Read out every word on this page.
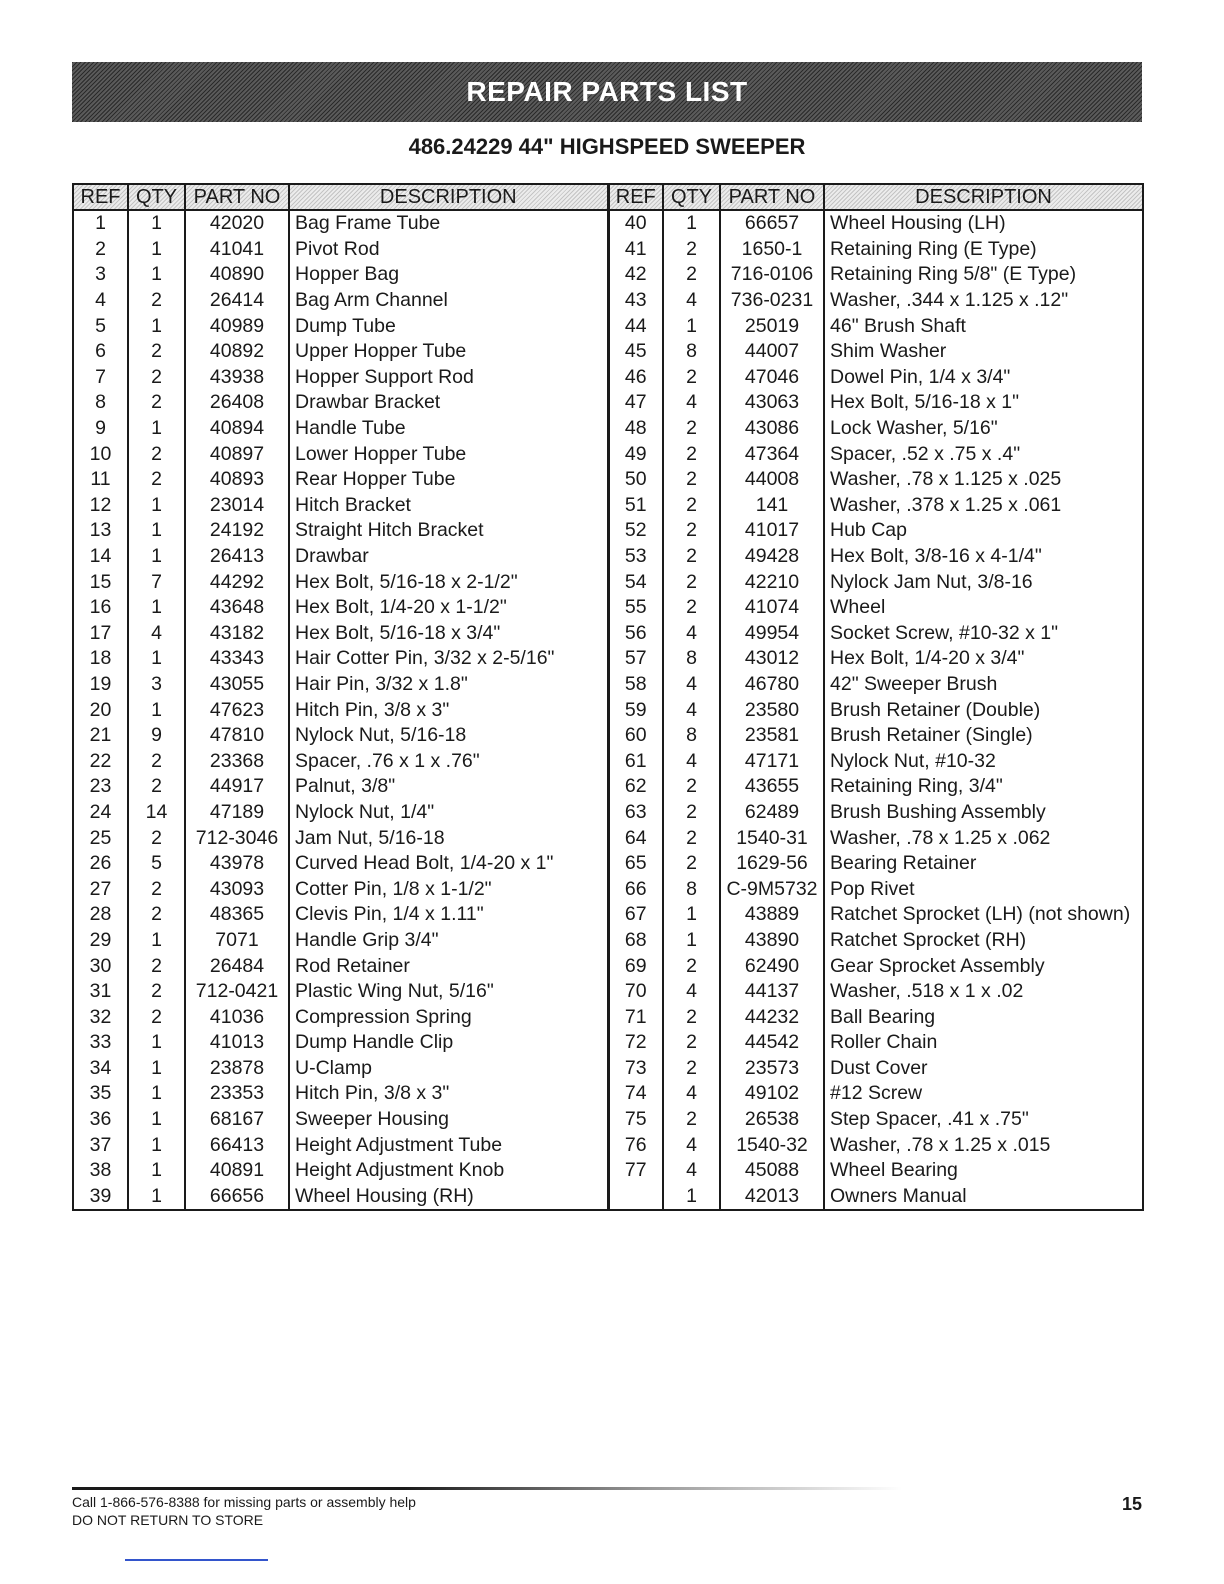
REPAIR PARTS LIST
486.24229 44" HIGHSPEED SWEEPER
REF	QTY	PART NO	DESCRIPTION	REF	QTY	PART NO	DESCRIPTION
1	1	42020	Bag Frame Tube	40	1	66657	Wheel Housing (LH)
2	1	41041	Pivot Rod	41	2	1650-1	Retaining Ring (E Type)
3	1	40890	Hopper Bag	42	2	716-0106	Retaining Ring 5/8" (E Type)
4	2	26414	Bag Arm Channel	43	4	736-0231	Washer, .344 x 1.125 x .12"
5	1	40989	Dump Tube	44	1	25019	46" Brush Shaft
6	2	40892	Upper Hopper Tube	45	8	44007	Shim Washer
7	2	43938	Hopper Support Rod	46	2	47046	Dowel Pin, 1/4 x 3/4"
8	2	26408	Drawbar Bracket	47	4	43063	Hex Bolt, 5/16-18 x 1"
9	1	40894	Handle Tube	48	2	43086	Lock Washer, 5/16"
10	2	40897	Lower Hopper Tube	49	2	47364	Spacer, .52 x .75 x .4"
11	2	40893	Rear Hopper Tube	50	2	44008	Washer, .78 x 1.125 x .025
12	1	23014	Hitch Bracket	51	2	141	Washer, .378 x 1.25 x .061
13	1	24192	Straight Hitch Bracket	52	2	41017	Hub Cap
14	1	26413	Drawbar	53	2	49428	Hex Bolt, 3/8-16 x 4-1/4"
15	7	44292	Hex Bolt, 5/16-18 x 2-1/2"	54	2	42210	Nylock Jam Nut, 3/8-16
16	1	43648	Hex Bolt, 1/4-20 x 1-1/2"	55	2	41074	Wheel
17	4	43182	Hex Bolt, 5/16-18 x 3/4"	56	4	49954	Socket Screw, #10-32 x 1"
18	1	43343	Hair Cotter Pin, 3/32 x 2-5/16"	57	8	43012	Hex Bolt, 1/4-20 x 3/4"
19	3	43055	Hair Pin, 3/32 x 1.8"	58	4	46780	42" Sweeper Brush
20	1	47623	Hitch Pin, 3/8 x 3"	59	4	23580	Brush Retainer (Double)
21	9	47810	Nylock Nut, 5/16-18	60	8	23581	Brush Retainer (Single)
22	2	23368	Spacer, .76 x 1 x .76"	61	4	47171	Nylock Nut, #10-32
23	2	44917	Palnut, 3/8"	62	2	43655	Retaining Ring, 3/4"
24	14	47189	Nylock Nut, 1/4"	63	2	62489	Brush Bushing Assembly
25	2	712-3046	Jam Nut, 5/16-18	64	2	1540-31	Washer, .78 x 1.25 x .062
26	5	43978	Curved Head Bolt, 1/4-20 x 1"	65	2	1629-56	Bearing Retainer
27	2	43093	Cotter Pin, 1/8 x 1-1/2"	66	8	C-9M5732	Pop Rivet
28	2	48365	Clevis Pin, 1/4 x 1.11"	67	1	43889	Ratchet Sprocket (LH) (not shown)
29	1	7071	Handle Grip 3/4"	68	1	43890	Ratchet Sprocket (RH)
30	2	26484	Rod Retainer	69	2	62490	Gear Sprocket Assembly
31	2	712-0421	Plastic Wing Nut, 5/16"	70	4	44137	Washer, .518 x 1 x .02
32	2	41036	Compression Spring	71	2	44232	Ball Bearing
33	1	41013	Dump Handle Clip	72	2	44542	Roller Chain
34	1	23878	U-Clamp	73	2	23573	Dust Cover
35	1	23353	Hitch Pin, 3/8 x 3"	74	4	49102	#12 Screw
36	1	68167	Sweeper Housing	75	2	26538	Step Spacer, .41 x .75"
37	1	66413	Height Adjustment Tube	76	4	1540-32	Washer, .78 x 1.25 x .015
38	1	40891	Height Adjustment Knob	77	4	45088	Wheel Bearing
39	1	66656	Wheel Housing (RH)		1	42013	Owners Manual
Call 1-866-576-8388 for missing parts or assembly help
DO NOT RETURN TO STORE
15
